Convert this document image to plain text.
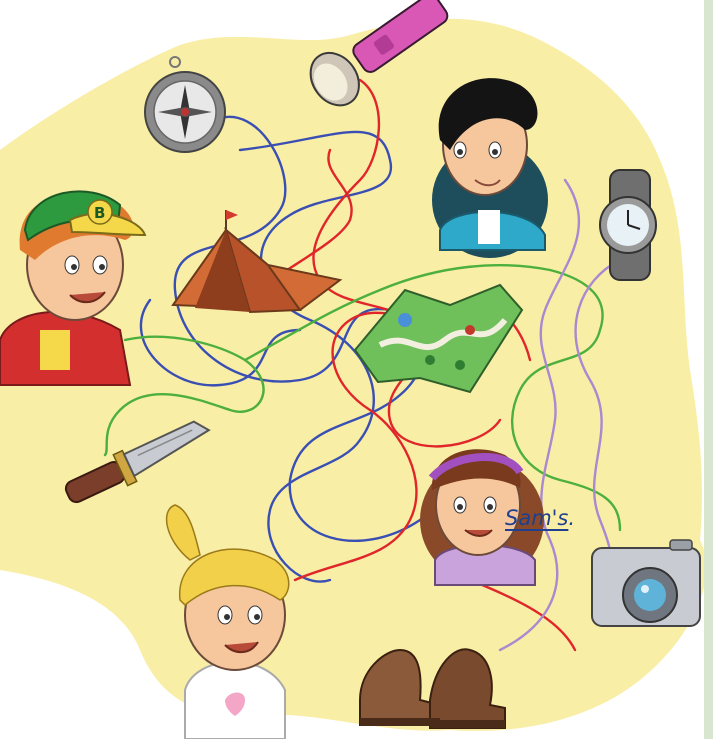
B
Sam's.
